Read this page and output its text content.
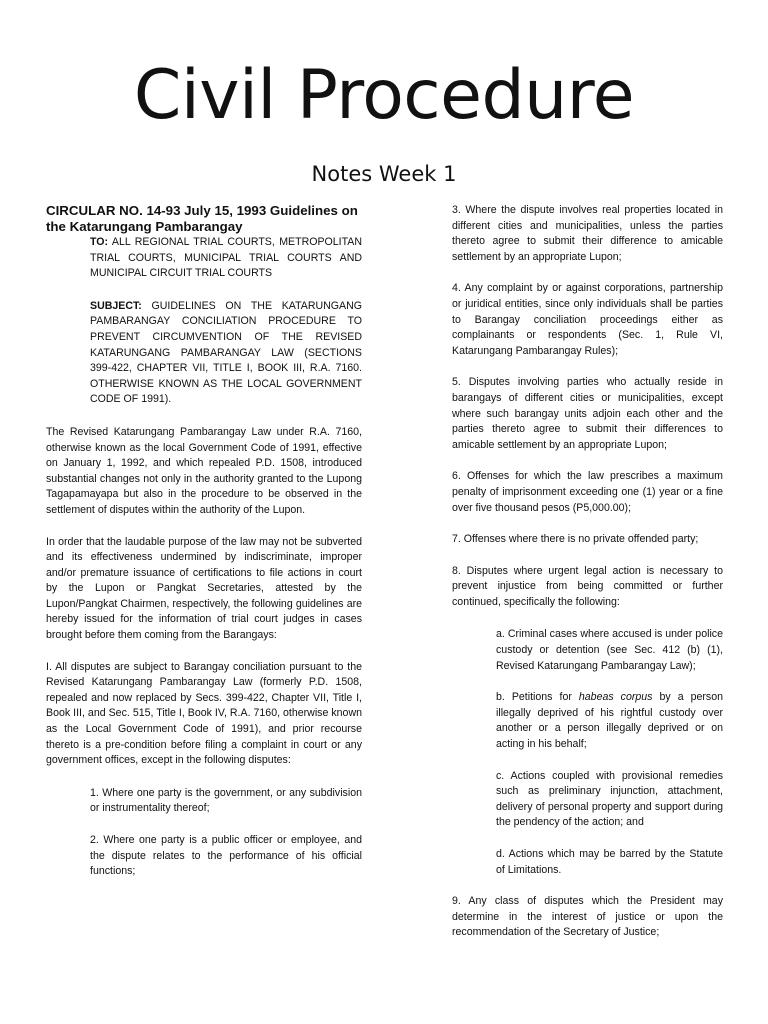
Civil Procedure
Notes Week 1

CIRCULAR NO. 14-93 July 15, 1993 Guidelines on the Katarungang Pambarangay

TO: ALL REGIONAL TRIAL COURTS, METROPOLITAN TRIAL COURTS, MUNICIPAL TRIAL COURTS AND MUNICIPAL CIRCUIT TRIAL COURTS

SUBJECT: GUIDELINES ON THE KATARUNGANG PAMBARANGAY CONCILIATION PROCEDURE TO PREVENT CIRCUMVENTION OF THE REVISED KATARUNGANG PAMBARANGAY LAW (SECTIONS 399-422, CHAPTER VII, TITLE I, BOOK III, R.A. 7160. OTHERWISE KNOWN AS THE LOCAL GOVERNMENT CODE OF 1991).

The Revised Katarungang Pambarangay Law under R.A. 7160, otherwise known as the local Government Code of 1991, effective on January 1, 1992, and which repealed P.D. 1508, introduced substantial changes not only in the authority granted to the Lupong Tagapamayapa but also in the procedure to be observed in the settlement of disputes within the authority of the Lupon.

In order that the laudable purpose of the law may not be subverted and its effectiveness undermined by indiscriminate, improper and/or premature issuance of certifications to file actions in court by the Lupon or Pangkat Secretaries, attested by the Lupon/Pangkat Chairmen, respectively, the following guidelines are hereby issued for the information of trial court judges in cases brought before them coming from the Barangays:

I. All disputes are subject to Barangay conciliation pursuant to the Revised Katarungang Pambarangay Law (formerly P.D. 1508, repealed and now replaced by Secs. 399-422, Chapter VII, Title I, Book III, and Sec. 515, Title I, Book IV, R.A. 7160, otherwise known as the Local Government Code of 1991), and prior recourse thereto is a pre-condition before filing a complaint in court or any government offices, except in the following disputes:

1. Where one party is the government, or any subdivision or instrumentality thereof;

2. Where one party is a public officer or employee, and the dispute relates to the performance of his official functions;

3. Where the dispute involves real properties located in different cities and municipalities, unless the parties thereto agree to submit their difference to amicable settlement by an appropriate Lupon;

4. Any complaint by or against corporations, partnership or juridical entities, since only individuals shall be parties to Barangay conciliation proceedings either as complainants or respondents (Sec. 1, Rule VI, Katarungang Pambarangay Rules);

5. Disputes involving parties who actually reside in barangays of different cities or municipalities, except where such barangay units adjoin each other and the parties thereto agree to submit their differences to amicable settlement by an appropriate Lupon;

6. Offenses for which the law prescribes a maximum penalty of imprisonment exceeding one (1) year or a fine over five thousand pesos (P5,000.00);

7. Offenses where there is no private offended party;

8. Disputes where urgent legal action is necessary to prevent injustice from being committed or further continued, specifically the following:

a. Criminal cases where accused is under police custody or detention (see Sec. 412 (b) (1), Revised Katarungang Pambarangay Law);

b. Petitions for habeas corpus by a person illegally deprived of his rightful custody over another or a person illegally deprived or on acting in his behalf;

c. Actions coupled with provisional remedies such as preliminary injunction, attachment, delivery of personal property and support during the pendency of the action; and

d. Actions which may be barred by the Statute of Limitations.

9. Any class of disputes which the President may determine in the interest of justice or upon the recommendation of the Secretary of Justice;
